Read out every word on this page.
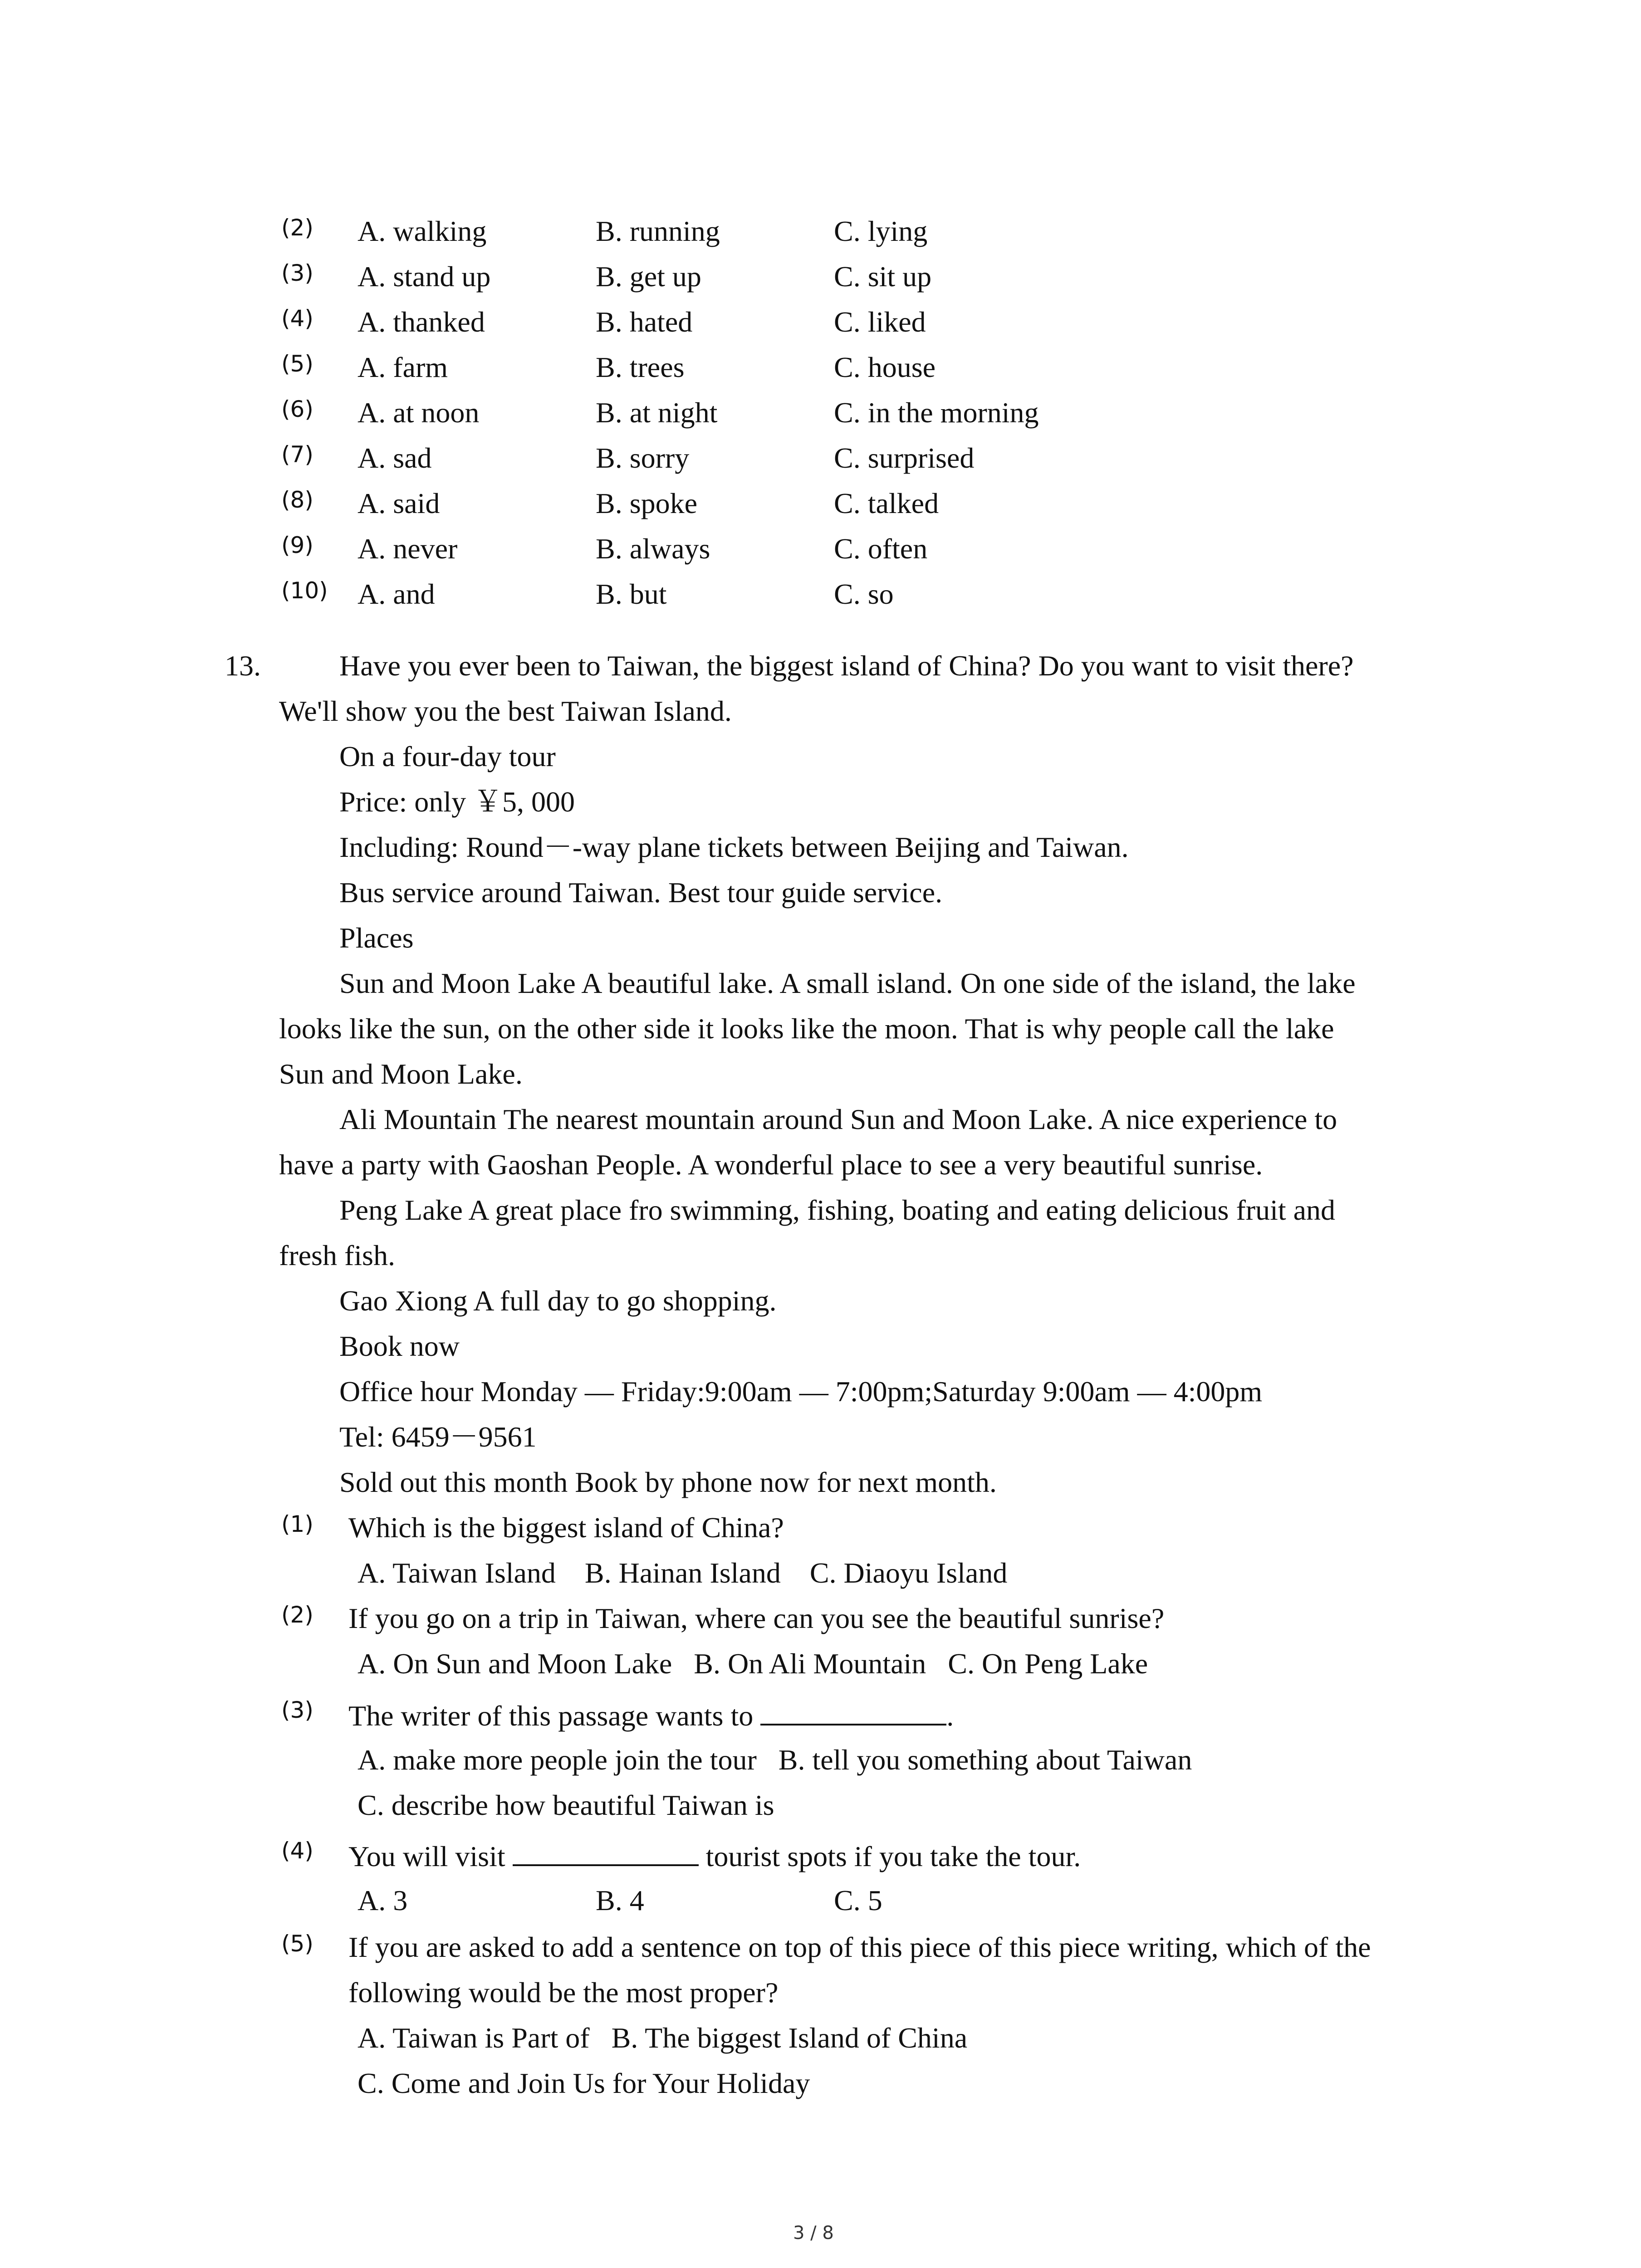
(2) A. walking	B. running	C. lying
(3) A. stand up	B. get up	C. sit up
(4) A. thanked	B. hated	C. liked
(5) A. farm	B. trees	C. house
(6) A. at noon	B. at night	C. in the morning
(7) A. sad	B. sorry	C. surprised
(8) A. said	B. spoke	C. talked
(9) A. never	B. always	C. often
(10) A. and	B. but	C. so
13.	Have you ever been to Taiwan, the biggest island of China? Do you want to visit there?
We'll show you the best Taiwan Island.
On a four-day tour
Price: only ￥5, 000
Including: Round－-way plane tickets between Beijing and Taiwan.
Bus service around Taiwan. Best tour guide service.
Places
Sun and Moon Lake A beautiful lake. A small island. On one side of the island, the lake
looks like the sun, on the other side it looks like the moon. That is why people call the lake
Sun and Moon Lake.
Ali Mountain The nearest mountain around Sun and Moon Lake. A nice experience to
have a party with Gaoshan People. A wonderful place to see a very beautiful sunrise.
Peng Lake A great place fro swimming, fishing, boating and eating delicious fruit and
fresh fish.
Gao Xiong A full day to go shopping.
Book now
Office hour Monday — Friday:9:00am — 7:00pm;Saturday 9:00am — 4:00pm
Tel: 6459－9561
Sold out this month Book by phone now for next month.
(1) Which is the biggest island of China?
A. Taiwan Island    B. Hainan Island    C. Diaoyu Island
(2) If you go on a trip in Taiwan, where can you see the beautiful sunrise?
A. On Sun and Moon Lake   B. On Ali Mountain   C. On Peng Lake
(3) The writer of this passage wants to	.
A. make more people join the tour   B. tell you something about Taiwan
C. describe how beautiful Taiwan is
(4) You will visit	tourist spots if you take the tour.
A. 3	B. 4	C. 5
(5) If you are asked to add a sentence on top of this piece of this piece writing, which of the
following would be the most proper?
A. Taiwan is Part of   B. The biggest Island of China
C. Come and Join Us for Your Holiday
3 / 8
